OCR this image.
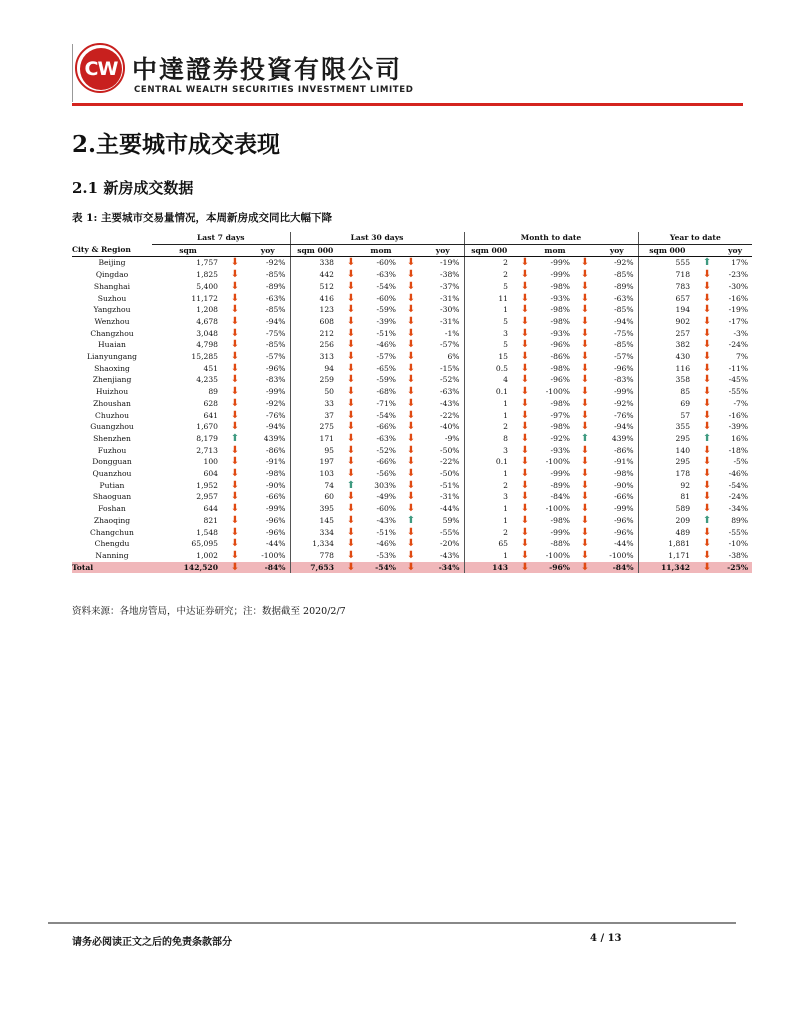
CW 中達證券投資有限公司
CENTRAL WEALTH SECURITIES INVESTMENT LIMITED
2.主要城市成交表现
2.1 新房成交数据
表 1: 主要城市交易量情况，本周新房成交同比大幅下降
	Last 7 days			Last 30 days					Month to date					Year to date		
City & Region	sqm		yoy	sqm 000		mom		yoy	sqm 000		mom		yoy	sqm 000		yoy
Beijing	1,757	⬇	-92%	338	⬇	-60%	⬇	-19%	2	⬇	-99%	⬇	-92%	555	⬆	17%
Qingdao	1,825	⬇	-85%	442	⬇	-63%	⬇	-38%	2	⬇	-99%	⬇	-85%	718	⬇	-23%
Shanghai	5,400	⬇	-89%	512	⬇	-54%	⬇	-37%	5	⬇	-98%	⬇	-89%	783	⬇	-30%
Suzhou	11,172	⬇	-63%	416	⬇	-60%	⬇	-31%	11	⬇	-93%	⬇	-63%	657	⬇	-16%
Yangzhou	1,208	⬇	-85%	123	⬇	-59%	⬇	-30%	1	⬇	-98%	⬇	-85%	194	⬇	-19%
Wenzhou	4,678	⬇	-94%	608	⬇	-39%	⬇	-31%	5	⬇	-98%	⬇	-94%	902	⬇	-17%
Changzhou	3,048	⬇	-75%	212	⬇	-51%	⬇	-1%	3	⬇	-93%	⬇	-75%	257	⬇	-3%
Huaian	4,798	⬇	-85%	256	⬇	-46%	⬇	-57%	5	⬇	-96%	⬇	-85%	382	⬇	-24%
Lianyungang	15,285	⬇	-57%	313	⬇	-57%	⬇	6%	15	⬇	-86%	⬇	-57%	430	⬇	7%
Shaoxing	451	⬇	-96%	94	⬇	-65%	⬇	-15%	0.5	⬇	-98%	⬇	-96%	116	⬇	-11%
Zhenjiang	4,235	⬇	-83%	259	⬇	-59%	⬇	-52%	4	⬇	-96%	⬇	-83%	358	⬇	-45%
Huizhou	89	⬇	-99%	50	⬇	-68%	⬇	-63%	0.1	⬇	-100%	⬇	-99%	85	⬇	-55%
Zhoushan	628	⬇	-92%	33	⬇	-71%	⬇	-43%	1	⬇	-98%	⬇	-92%	69	⬇	-7%
Chuzhou	641	⬇	-76%	37	⬇	-54%	⬇	-22%	1	⬇	-97%	⬇	-76%	57	⬇	-16%
Guangzhou	1,670	⬇	-94%	275	⬇	-66%	⬇	-40%	2	⬇	-98%	⬇	-94%	355	⬇	-39%
Shenzhen	8,179	⬆	439%	171	⬇	-63%	⬇	-9%	8	⬇	-92%	⬆	439%	295	⬆	16%
Fuzhou	2,713	⬇	-86%	95	⬇	-52%	⬇	-50%	3	⬇	-93%	⬇	-86%	140	⬇	-18%
Dongguan	100	⬇	-91%	197	⬇	-66%	⬇	-22%	0.1	⬇	-100%	⬇	-91%	295	⬇	-5%
Quanzhou	604	⬇	-98%	103	⬇	-56%	⬇	-50%	1	⬇	-99%	⬇	-98%	178	⬇	-46%
Putian	1,952	⬇	-90%	74	⬆	303%	⬇	-51%	2	⬇	-89%	⬇	-90%	92	⬇	-54%
Shaoguan	2,957	⬇	-66%	60	⬇	-49%	⬇	-31%	3	⬇	-84%	⬇	-66%	81	⬇	-24%
Foshan	644	⬇	-99%	395	⬇	-60%	⬇	-44%	1	⬇	-100%	⬇	-99%	589	⬇	-34%
Zhaoqing	821	⬇	-96%	145	⬇	-43%	⬆	59%	1	⬇	-98%	⬇	-96%	209	⬆	89%
Changchun	1,548	⬇	-96%	334	⬇	-51%	⬇	-55%	2	⬇	-99%	⬇	-96%	489	⬇	-55%
Chengdu	65,095	⬇	-44%	1,334	⬇	-46%	⬇	-20%	65	⬇	-88%	⬇	-44%	1,881	⬇	-10%
Nanning	1,002	⬇	-100%	778	⬇	-53%	⬇	-43%	1	⬇	-100%	⬇	-100%	1,171	⬇	-38%
Total	142,520	⬇	-84%	7,653	⬇	-54%	⬇	-34%	143	⬇	-96%	⬇	-84%	11,342	⬇	-25%
资料来源：各地房管局，中达证券研究；注：数据截至 2020/2/7
请务必阅读正文之后的免责条款部分	4 / 13
